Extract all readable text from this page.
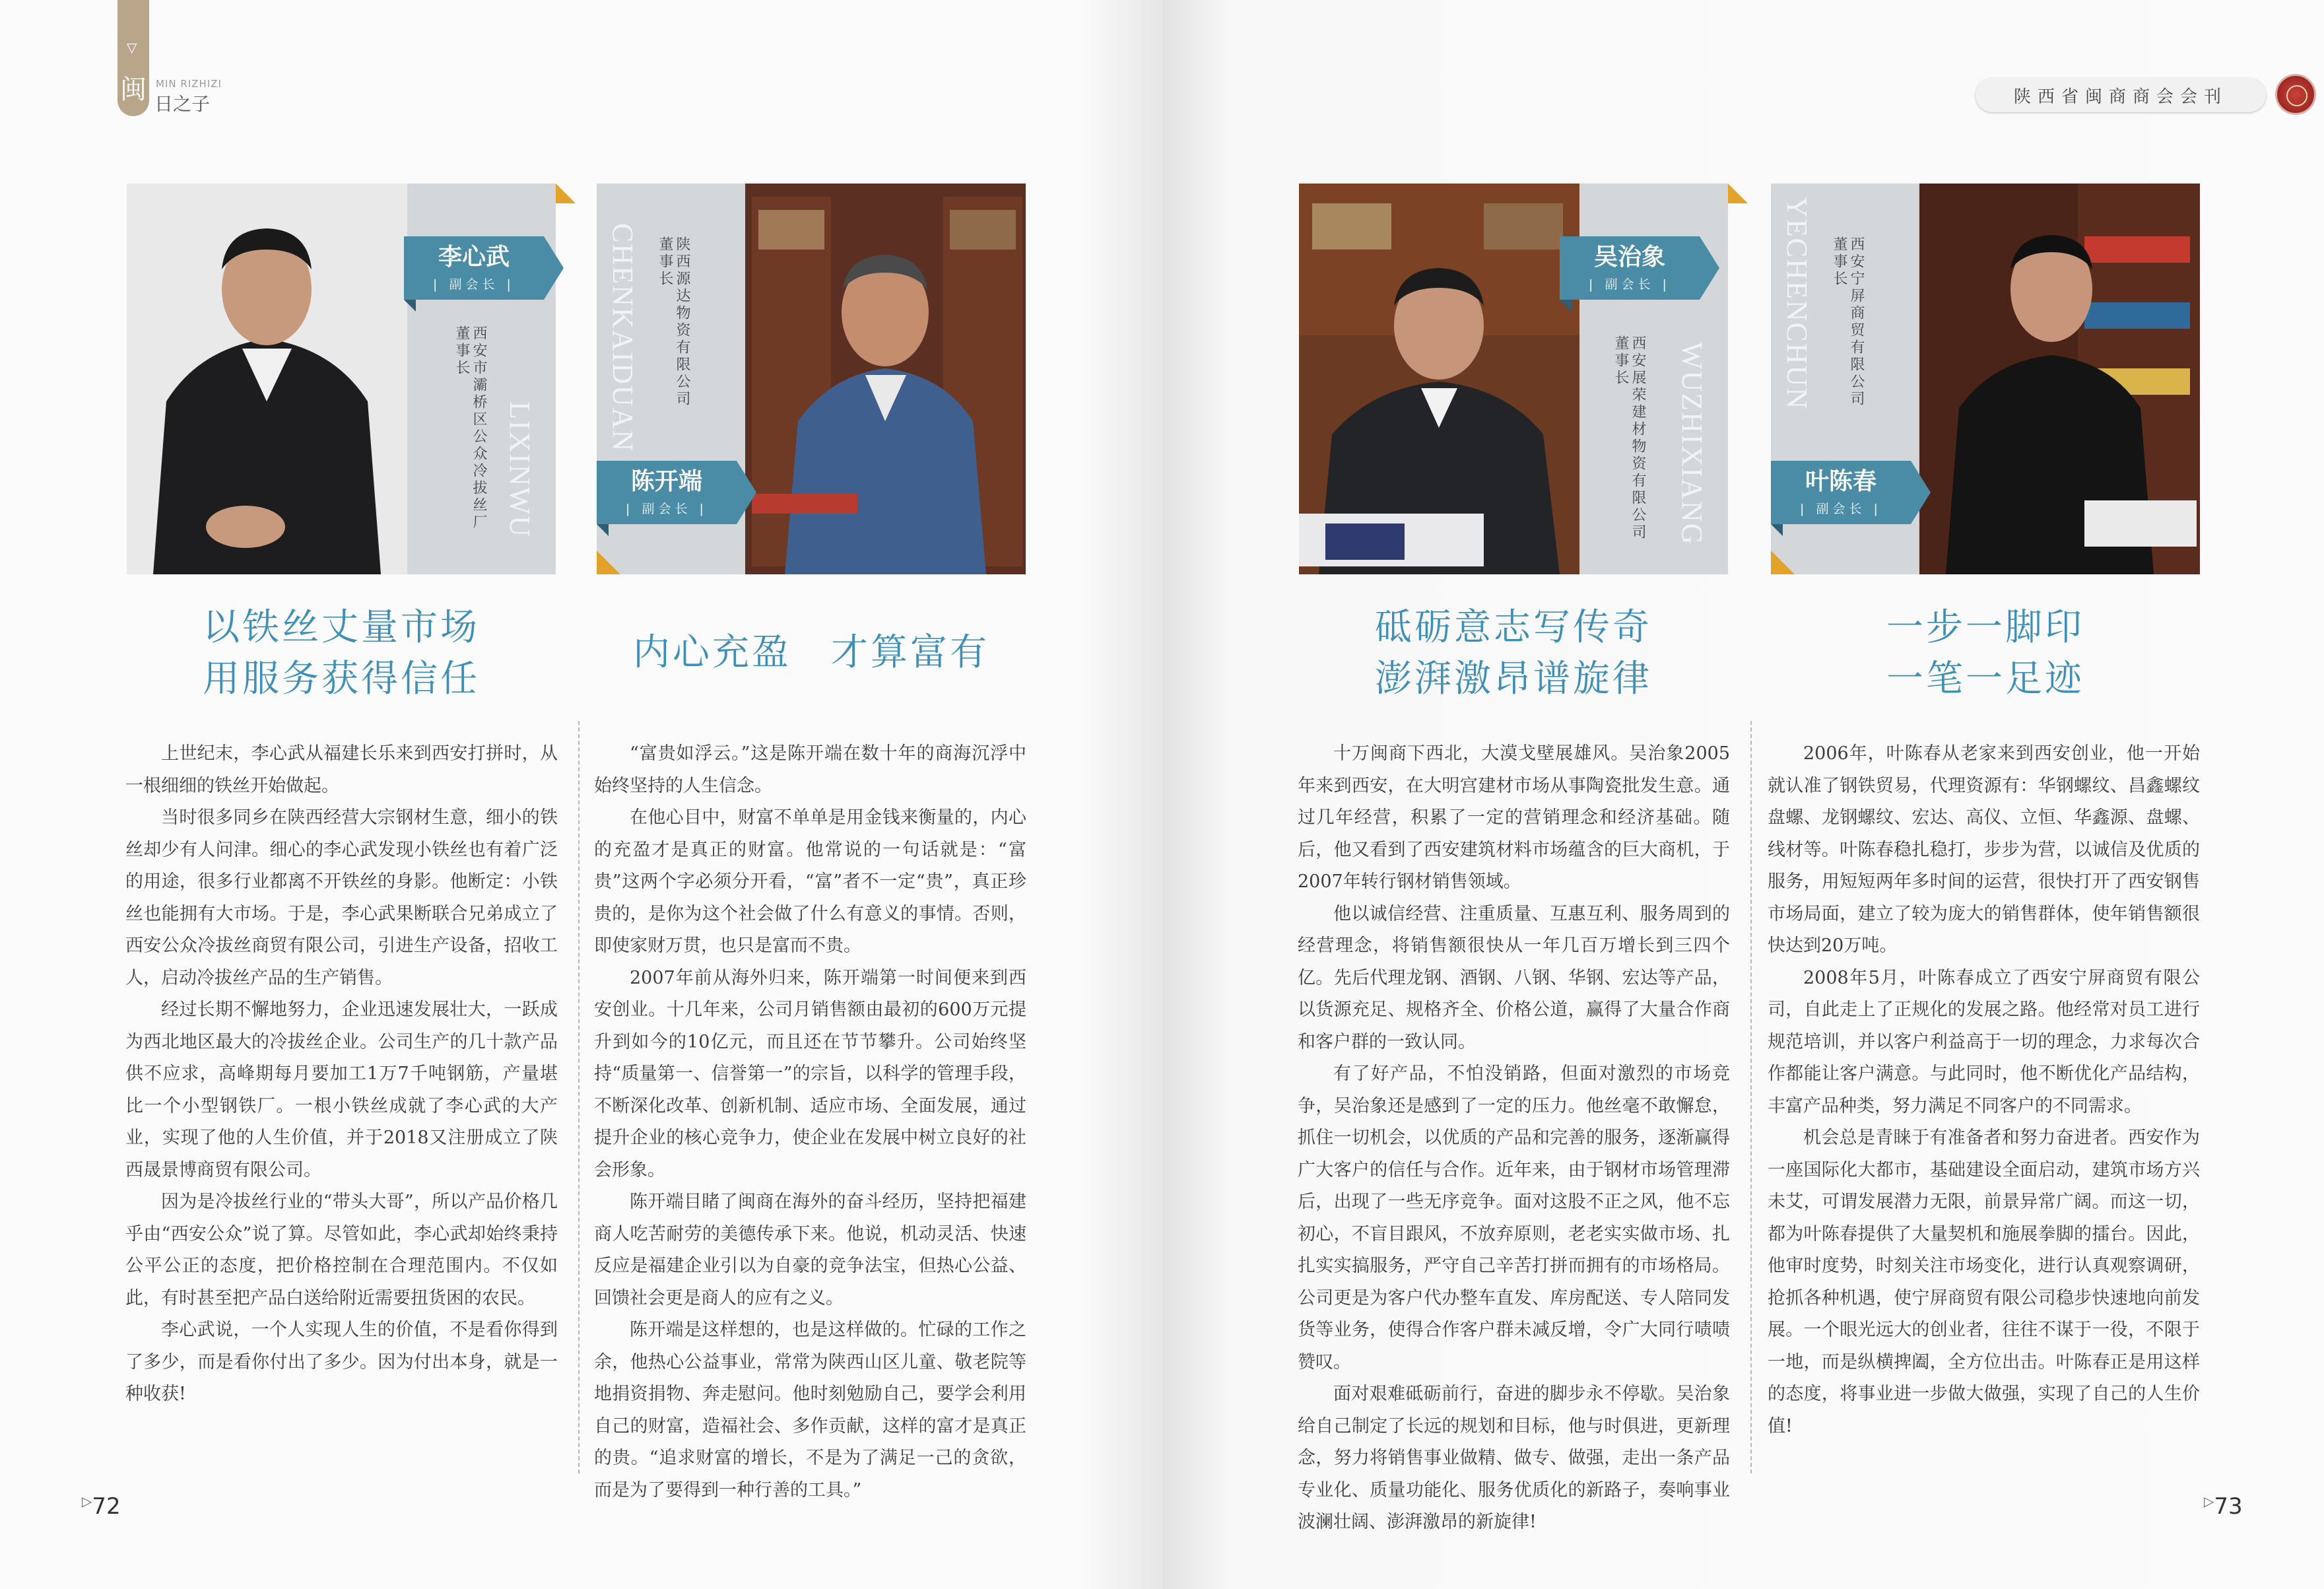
▽
闽 MIN RIZHIZI
日之子
李心武
| 副会长 |
西安市灞桥区公众冷拔丝厂
董事长
LIXINWU	陈开端
| 副会长 |
陕西源达物资有限公司
董事长
CHENKAIDUAN
以铁丝丈量市场
用服务获得信任
内心充盈　才算富有

上世纪末，李心武从福建长乐来到西安打拼时，从一根细细的铁丝开始做起。

当时很多同乡在陕西经营大宗钢材生意，细小的铁丝却少有人问津。细心的李心武发现小铁丝也有着广泛的用途，很多行业都离不开铁丝的身影。他断定：小铁丝也能拥有大市场。于是，李心武果断联合兄弟成立了西安公众冷拔丝商贸有限公司，引进生产设备，招收工人，启动冷拔丝产品的生产销售。

经过长期不懈地努力，企业迅速发展壮大，一跃成为西北地区最大的冷拔丝企业。公司生产的几十款产品供不应求，高峰期每月要加工1万7千吨钢筋，产量堪比一个小型钢铁厂。一根小铁丝成就了李心武的大产业，实现了他的人生价值，并于2018又注册成立了陕西晟景博商贸有限公司。

因为是冷拔丝行业的“带头大哥”，所以产品价格几乎由“西安公众”说了算。尽管如此，李心武却始终秉持公平公正的态度，把价格控制在合理范围内。不仅如此，有时甚至把产品白送给附近需要扭货困的农民。

李心武说，一个人实现人生的价值，不是看你得到了多少，而是看你付出了多少。因为付出本身，就是一种收获!

“富贵如浮云。”这是陈开端在数十年的商海沉浮中始终坚持的人生信念。

在他心目中，财富不单单是用金钱来衡量的，内心的充盈才是真正的财富。他常说的一句话就是：“富贵”这两个字必须分开看，“富”者不一定“贵”，真正珍贵的，是你为这个社会做了什么有意义的事情。否则，即使家财万贯，也只是富而不贵。

2007年前从海外归来，陈开端第一时间便来到西安创业。十几年来，公司月销售额由最初的600万元提升到如今的10亿元，而且还在节节攀升。公司始终坚持“质量第一、信誉第一”的宗旨，以科学的管理手段，不断深化改革、创新机制、适应市场、全面发展，通过提升企业的核心竞争力，使企业在发展中树立良好的社会形象。

陈开端目睹了闽商在海外的奋斗经历，坚持把福建商人吃苦耐劳的美德传承下来。他说，机动灵活、快速反应是福建企业引以为自豪的竞争法宝，但热心公益、回馈社会更是商人的应有之义。

陈开端是这样想的，也是这样做的。忙碌的工作之余，他热心公益事业，常常为陕西山区儿童、敬老院等地捐资捐物、奔走慰问。他时刻勉励自己，要学会利用自己的财富，造福社会、多作贡献，这样的富才是真正的贵。“追求财富的增长，不是为了满足一己的贪欲，而是为了要得到一种行善的工具。”

▷72
陕西省闽商商会会刊
吴治象
| 副会长 |
西安展荣建材物资有限公司
董事长 WUZHIXIANG	叶陈春
| 副会长 |
西安宁屏商贸有限公司
董事长
YECHENCHUN
砥砺意志写传奇
澎湃激昂谱旋律
一步一脚印
一笔一足迹

十万闽商下西北，大漠戈壁展雄风。吴治象2005年来到西安，在大明宫建材市场从事陶瓷批发生意。通过几年经营，积累了一定的营销理念和经济基础。随后，他又看到了西安建筑材料市场蕴含的巨大商机，于2007年转行钢材销售领域。

他以诚信经营、注重质量、互惠互利、服务周到的经营理念，将销售额很快从一年几百万增长到三四个亿。先后代理龙钢、酒钢、八钢、华钢、宏达等产品，以货源充足、规格齐全、价格公道，赢得了大量合作商和客户群的一致认同。

有了好产品，不怕没销路，但面对激烈的市场竞争，吴治象还是感到了一定的压力。他丝毫不敢懈怠，抓住一切机会，以优质的产品和完善的服务，逐渐赢得广大客户的信任与合作。近年来，由于钢材市场管理滞后，出现了一些无序竞争。面对这股不正之风，他不忘初心，不盲目跟风，不放弃原则，老老实实做市场、扎扎实实搞服务，严守自己辛苦打拼而拥有的市场格局。公司更是为客户代办整车直发、库房配送、专人陪同发货等业务，使得合作客户群未减反增，令广大同行啧啧赞叹。

面对艰难砥砺前行，奋进的脚步永不停歇。吴治象给自己制定了长远的规划和目标，他与时俱进，更新理念，努力将销售事业做精、做专、做强，走出一条产品专业化、质量功能化、服务优质化的新路子，奏响事业波澜壮阔、澎湃激昂的新旋律!

2006年，叶陈春从老家来到西安创业，他一开始就认准了钢铁贸易，代理资源有：华钢螺纹、昌鑫螺纹盘螺、龙钢螺纹、宏达、高仪、立恒、华鑫源、盘螺、线材等。叶陈春稳扎稳打，步步为营，以诚信及优质的服务，用短短两年多时间的运营，很快打开了西安钢售市场局面，建立了较为庞大的销售群体，使年销售额很快达到20万吨。

2008年5月，叶陈春成立了西安宁屏商贸有限公司，自此走上了正规化的发展之路。他经常对员工进行规范培训，并以客户利益高于一切的理念，力求每次合作都能让客户满意。与此同时，他不断优化产品结构，丰富产品种类，努力满足不同客户的不同需求。

机会总是青睐于有准备者和努力奋进者。西安作为一座国际化大都市，基础建设全面启动，建筑市场方兴未艾，可谓发展潜力无限，前景异常广阔。而这一切，都为叶陈春提供了大量契机和施展拳脚的擂台。因此，他审时度势，时刻关注市场变化，进行认真观察调研，抢抓各种机遇，使宁屏商贸有限公司稳步快速地向前发展。一个眼光远大的创业者，往往不谋于一役，不限于一地，而是纵横捭阖，全方位出击。叶陈春正是用这样的态度，将事业进一步做大做强，实现了自己的人生价值!

▷73
